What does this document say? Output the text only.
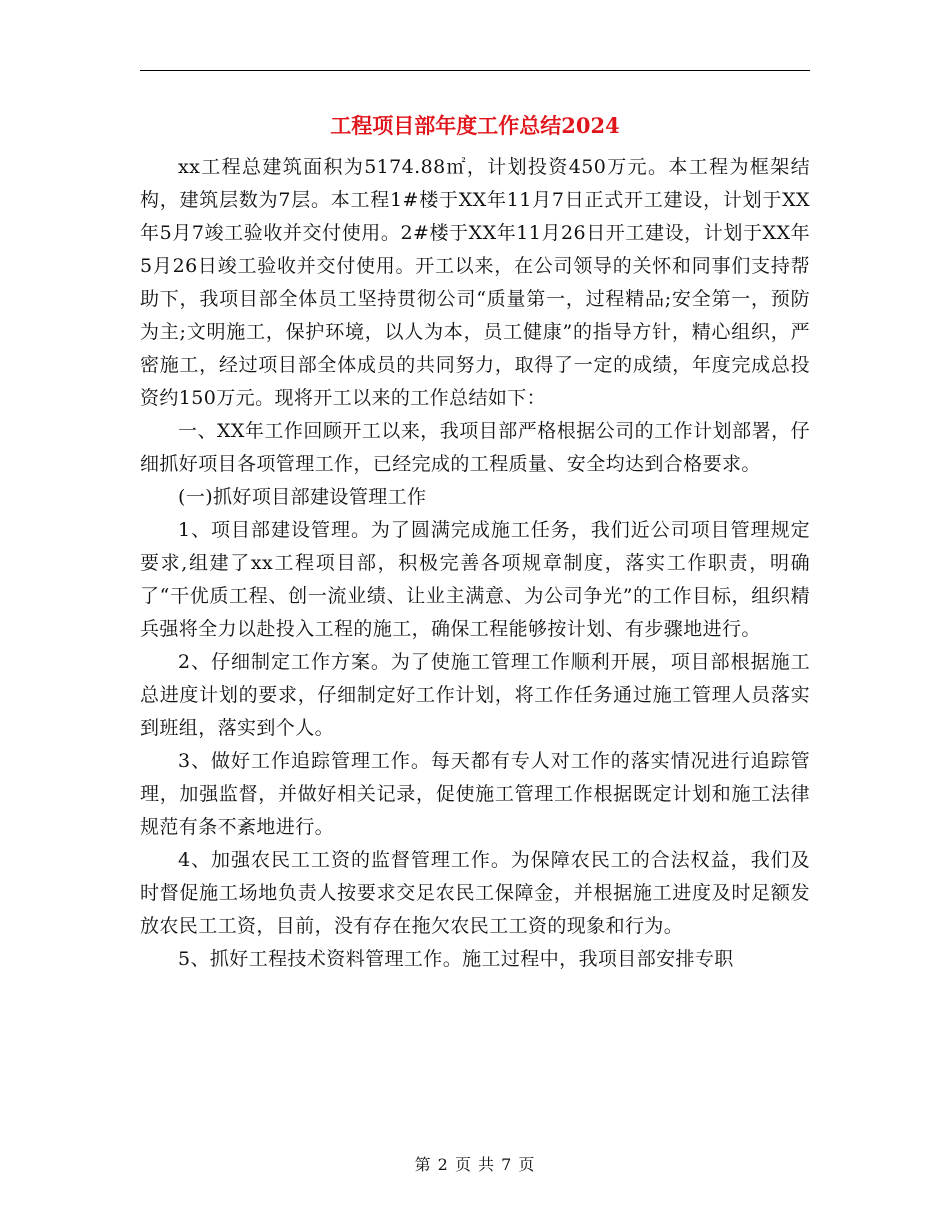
工程项目部年度工作总结2024

xx工程总建筑面积为5174.88㎡，计划投资450万元。本工程为框架结构，建筑层数为7层。本工程1#楼于XX年11月7日正式开工建设，计划于XX年5月7竣工验收并交付使用。2#楼于XX年11月26日开工建设，计划于XX年5月26日竣工验收并交付使用。开工以来，在公司领导的关怀和同事们支持帮助下，我项目部全体员工坚持贯彻公司“质量第一，过程精品;安全第一，预防为主;文明施工，保护环境，以人为本，员工健康”的指导方针，精心组织，严密施工，经过项目部全体成员的共同努力，取得了一定的成绩，年度完成总投资约150万元。现将开工以来的工作总结如下：

一、XX年工作回顾开工以来，我项目部严格根据公司的工作计划部署，仔细抓好项目各项管理工作，已经完成的工程质量、安全均达到合格要求。

(一)抓好项目部建设管理工作

1、项目部建设管理。为了圆满完成施工任务，我们近公司项目管理规定要求,组建了xx工程项目部，积极完善各项规章制度，落实工作职责，明确了“干优质工程、创一流业绩、让业主满意、为公司争光”的工作目标，组织精兵强将全力以赴投入工程的施工，确保工程能够按计划、有步骤地进行。

2、仔细制定工作方案。为了使施工管理工作顺利开展，项目部根据施工总进度计划的要求，仔细制定好工作计划，将工作任务通过施工管理人员落实到班组，落实到个人。

3、做好工作追踪管理工作。每天都有专人对工作的落实情况进行追踪管理，加强监督，并做好相关记录，促使施工管理工作根据既定计划和施工法律规范有条不紊地进行。

4、加强农民工工资的监督管理工作。为保障农民工的合法权益，我们及时督促施工场地负责人按要求交足农民工保障金，并根据施工进度及时足额发放农民工工资，目前，没有存在拖欠农民工工资的现象和行为。

5、抓好工程技术资料管理工作。施工过程中，我项目部安排专职

第 2 页 共 7 页
